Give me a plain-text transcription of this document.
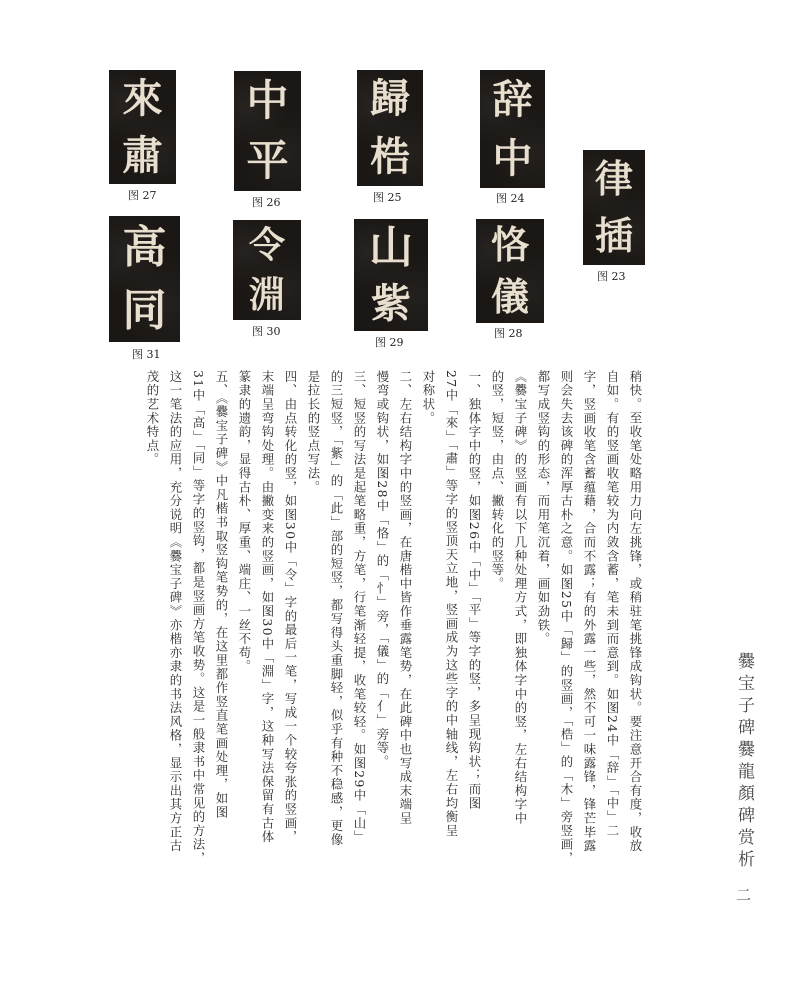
律
插
图 23
辞
中
图 24
歸
梏
图 25
中
平
图 26
來
肅
图 27
恪
儀
图 28
山
紫
图 29
令
淵
图 30
高
同
图 31
稍快。至收笔处略用力向左挑锋，或稍驻笔挑锋成钩状。要注意开合有度，收放
自如。有的竖画收笔较为内敛含蓄，笔未到而意到。如图24中「辞」「中」二
字，竖画收笔含蓄蕴藉，合而不露；有的外露一些，然不可一味露锋，锋芒毕露
则会失去该碑的浑厚古朴之意。如图25中「歸」的竖画，「梏」的「木」旁竖画，
都写成竖钩的形态，而用笔沉着，画如劲铁。
《爨宝子碑》的竖画有以下几种处理方式，即独体字中的竖，左右结构字中
的竖，短竖，由点、撇转化的竖等。
一、独体字中的竖，如图26中「中」「平」等字的竖，多呈现钩状；而图
27中「來」「肅」等字的竖顶天立地，竖画成为这些字的中轴线，左右均衡呈
对称状。
二、左右结构字中的竖画，在唐楷中皆作垂露笔势，在此碑中也写成末端呈
慢弯或钩状，如图28中「恪」的「忄」旁，「儀」的「亻」旁等。
三、短竖的写法是起笔略重，方笔，行笔渐轻提，收笔较轻。如图29中「山」
的三短竖，「紫」的「此」部的短竖，都写得头重脚轻，似乎有种不稳感，更像
是拉长的竖点写法。
四、由点转化的竖，如图30中「令」字的最后一笔，写成一个较夸张的竖画，
末端呈弯钩处理。由撇变来的竖画，如图30中「淵」字，这种写法保留有古体
篆隶的遗韵，显得古朴、厚重、端庄、一丝不苟。
五、《爨宝子碑》中凡楷书取竖钩笔势的，在这里都作竖直笔画处理，如图
31中「高」「同」等字的竖钩，都是竖画方笔收势。这是一般隶书中常见的方法，
这一笔法的应用，充分说明《爨宝子碑》亦楷亦隶的书法风格，显示出其方正古
茂的艺术特点。
爨宝子碑爨龍顏碑赏析
二
